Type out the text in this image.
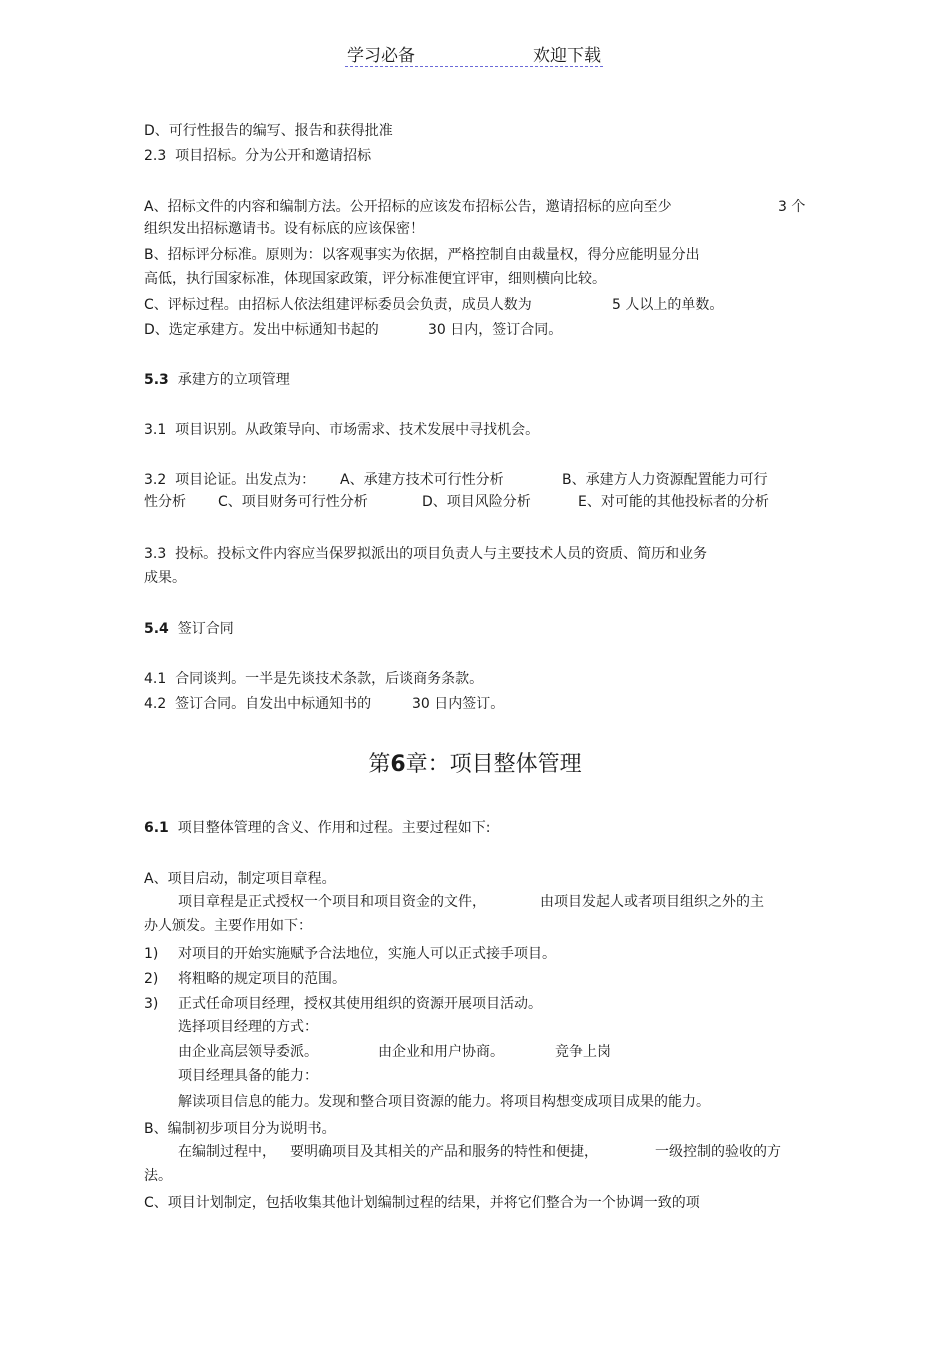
学习必备	欢迎下载
D、可行性报告的编写、报告和获得批准
2.3  项目招标。分为公开和邀请招标
A、招标文件的内容和编制方法。公开招标的应该发布招标公告，邀请招标的应向至少	3 个
组织发出招标邀请书。设有标底的应该保密！
B、招标评分标准。原则为：以客观事实为依据，严格控制自由裁量权，得分应能明显分出
高低，执行国家标准，体现国家政策，评分标准便宜评审，细则横向比较。
C、评标过程。由招标人依法组建评标委员会负责，成员人数为	5 人以上的单数。
D、选定承建方。发出中标通知书起的	30 日内，签订合同。
5.3 承建方的立项管理
3.1  项目识别。从政策导向、市场需求、技术发展中寻找机会。
3.2  项目论证。出发点为： A、承建方技术可行性分析	B、承建方人力资源配置能力可行
性分析 C、项目财务可行性分析	D、项目风险分析	E、对可能的其他投标者的分析
3.3  投标。投标文件内容应当保罗拟派出的项目负责人与主要技术人员的资质、简历和业务
成果。
5.4 签订合同
4.1  合同谈判。一半是先谈技术条款，后谈商务条款。
4.2  签订合同。自发出中标通知书的	30 日内签订。
第6章：项目整体管理
6.1 项目整体管理的含义、作用和过程。主要过程如下:
A、项目启动，制定项目章程。
项目章程是正式授权一个项目和项目资金的文件，	由项目发起人或者项目组织之外的主
办人颁发。主要作用如下：
1) 对项目的开始实施赋予合法地位，实施人可以正式接手项目。
2) 将粗略的规定项目的范围。
3) 正式任命项目经理，授权其使用组织的资源开展项目活动。
选择项目经理的方式：
由企业高层领导委派。	由企业和用户协商。	竞争上岗
项目经理具备的能力：
解读项目信息的能力。发现和整合项目资源的能力。将项目构想变成项目成果的能力。
B、编制初步项目分为说明书。
在编制过程中， 要明确项目及其相关的产品和服务的特性和便捷，	一级控制的验收的方
法。
C、项目计划制定，包括收集其他计划编制过程的结果，并将它们整合为一个协调一致的项
